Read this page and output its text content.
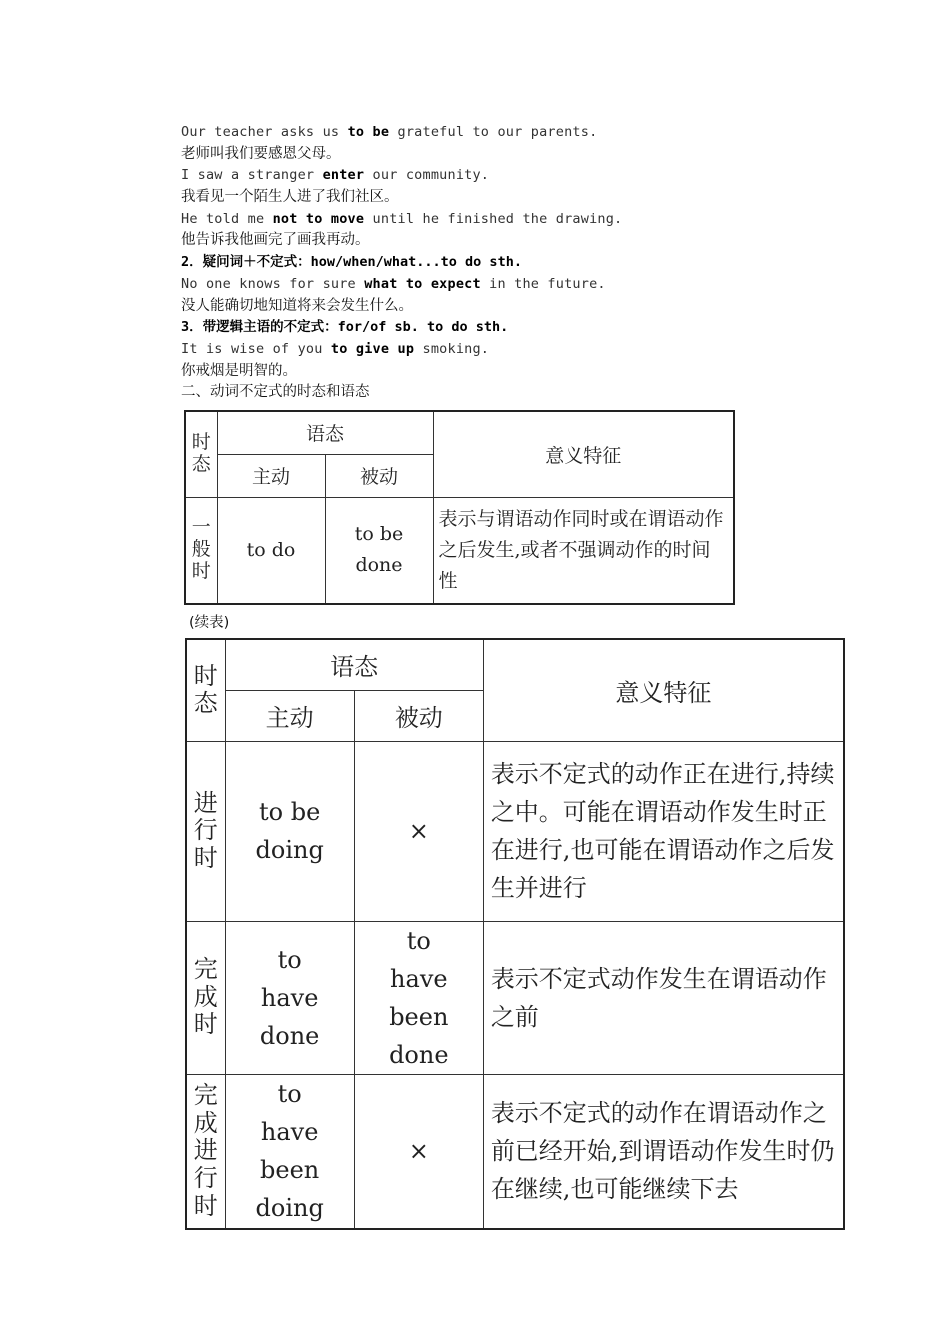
Our teacher asks us to be grateful to our parents.
老师叫我们要感恩父母。
I saw a stranger enter our community.
我看见一个陌生人进了我们社区。
He told me not to move until he finished the drawing.
他告诉我他画完了画我再动。
2．疑问词＋不定式：how/when/what...to do sth.
No one knows for sure what to expect in the future.
没人能确切地知道将来会发生什么。
3．带逻辑主语的不定式：for/of sb. to do sth.
It is wise of you to give up smoking.
你戒烟是明智的。
二、动词不定式的时态和语态
时态	语态		意义特征
	主动	被动	
一般时	to do	to be done	表示与谓语动作同时或在谓语动作之后发生,或者不强调动作的时间性
(续表)
时态	语态		意义特征
	主动	被动	
进行时	to be doing	×	表示不定式的动作正在进行,持续之中。可能在谓语动作发生时正在进行,也可能在谓语动作之后发生并进行
完成时	to have done	to have been done	表示不定式动作发生在谓语动作之前
完成进行时	to have been doing	×	表示不定式的动作在谓语动作之前已经开始,到谓语动作发生时仍在继续,也可能继续下去
